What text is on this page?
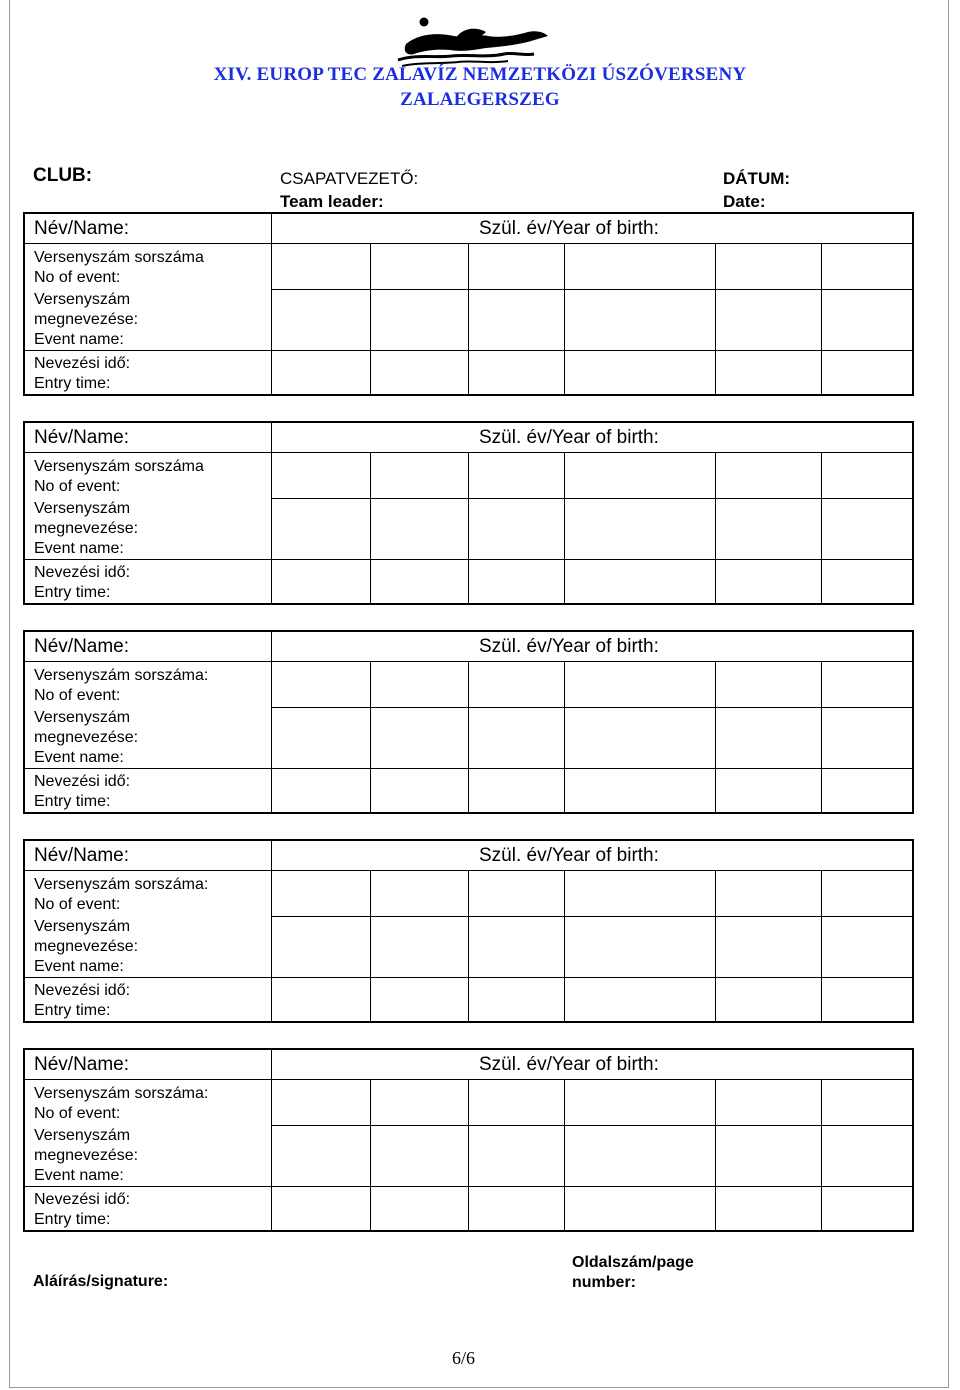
XIV. EUROP TEC ZALAVÍZ NEMZETKÖZI ÚSZÓVERSENY
ZALAEGERSZEG
CLUB:	CSAPATVEZETŐ:
Team leader:
DÁTUM:
Date:
Név/Name:	Szül. év/Year of birth:
Versenyszám sorszáma
No of event:
Versenyszám
megnevezése:
Event name:
Nevezési idő:
Entry time:
Név/Name:	Szül. év/Year of birth:
Versenyszám sorszáma
No of event:
Versenyszám
megnevezése:
Event name:
Nevezési idő:
Entry time:
Név/Name:	Szül. év/Year of birth:
Versenyszám sorszáma:
No of event:
Versenyszám
megnevezése:
Event name:
Nevezési idő:
Entry time:
Név/Name:	Szül. év/Year of birth:
Versenyszám sorszáma:
No of event:
Versenyszám
megnevezése:
Event name:
Nevezési idő:
Entry time:
Név/Name:	Szül. év/Year of birth:
Versenyszám sorszáma:
No of event:
Versenyszám
megnevezése:
Event name:
Nevezési idő:
Entry time:
Aláírás/signature:
Oldalszám/page
number:
6/6
